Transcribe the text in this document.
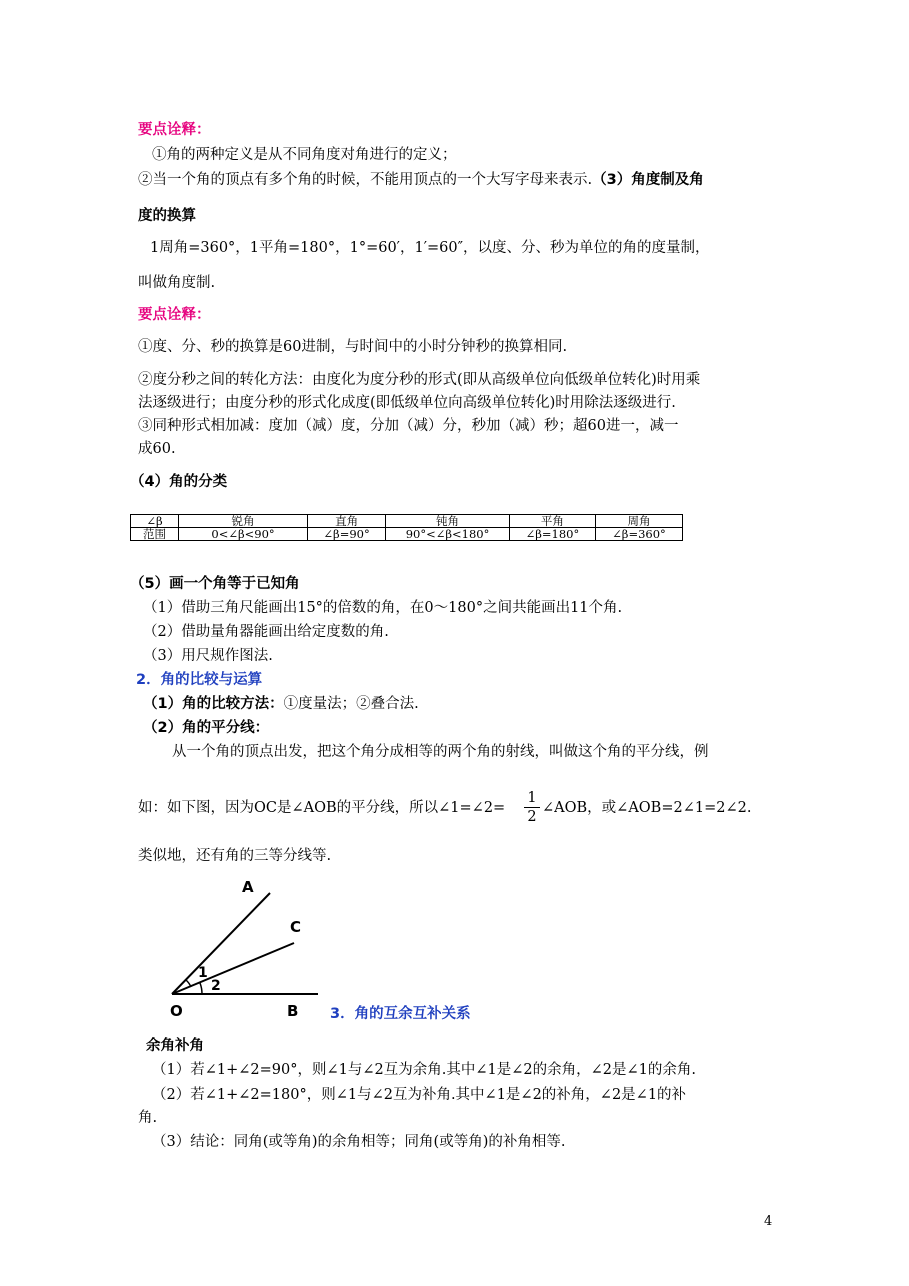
要点诠释：
①角的两种定义是从不同角度对角进行的定义；
②当一个角的顶点有多个角的时候，不能用顶点的一个大写字母来表示.（3）角度制及角
度的换算
1周角=360°，1平角=180°，1°=60′，1′=60″，以度、分、秒为单位的角的度量制，
叫做角度制.
要点诠释：
①度、分、秒的换算是60进制，与时间中的小时分钟秒的换算相同.
②度分秒之间的转化方法：由度化为度分秒的形式(即从高级单位向低级单位转化)时用乘
法逐级进行；由度分秒的形式化成度(即低级单位向高级单位转化)时用除法逐级进行.
③同种形式相加减：度加（减）度，分加（减）分，秒加（减）秒；超60进一，减一
成60.
（4）角的分类
∠β	锐角	直角	钝角	平角	周角
范围	0<∠β<90°	∠β=90°	90°<∠β<180°	∠β=180°	∠β=360°
（5）画一个角等于已知角
（1）借助三角尺能画出15°的倍数的角，在0～180°之间共能画出11个角.
（2）借助量角器能画出给定度数的角.
（3）用尺规作图法.
2．角的比较与运算
（1）角的比较方法：①度量法；②叠合法.
（2）角的平分线：
从一个角的顶点出发，把这个角分成相等的两个角的射线，叫做这个角的平分线，例
如：如下图，因为OC是∠AOB的平分线，所以∠1=∠2= $\frac{1}{2}$ ∠AOB，或∠AOB=2∠1=2∠2.
类似地，还有角的三等分线等.
A
C
O	B
1
2
3．角的互余互补关系
余角补角
（1）若∠1+∠2=90°，则∠1与∠2互为余角.其中∠1是∠2的余角，∠2是∠1的余角.
（2）若∠1+∠2=180°，则∠1与∠2互为补角.其中∠1是∠2的补角，∠2是∠1的补
角.
（3）结论：同角(或等角)的余角相等；同角(或等角)的补角相等.
4
